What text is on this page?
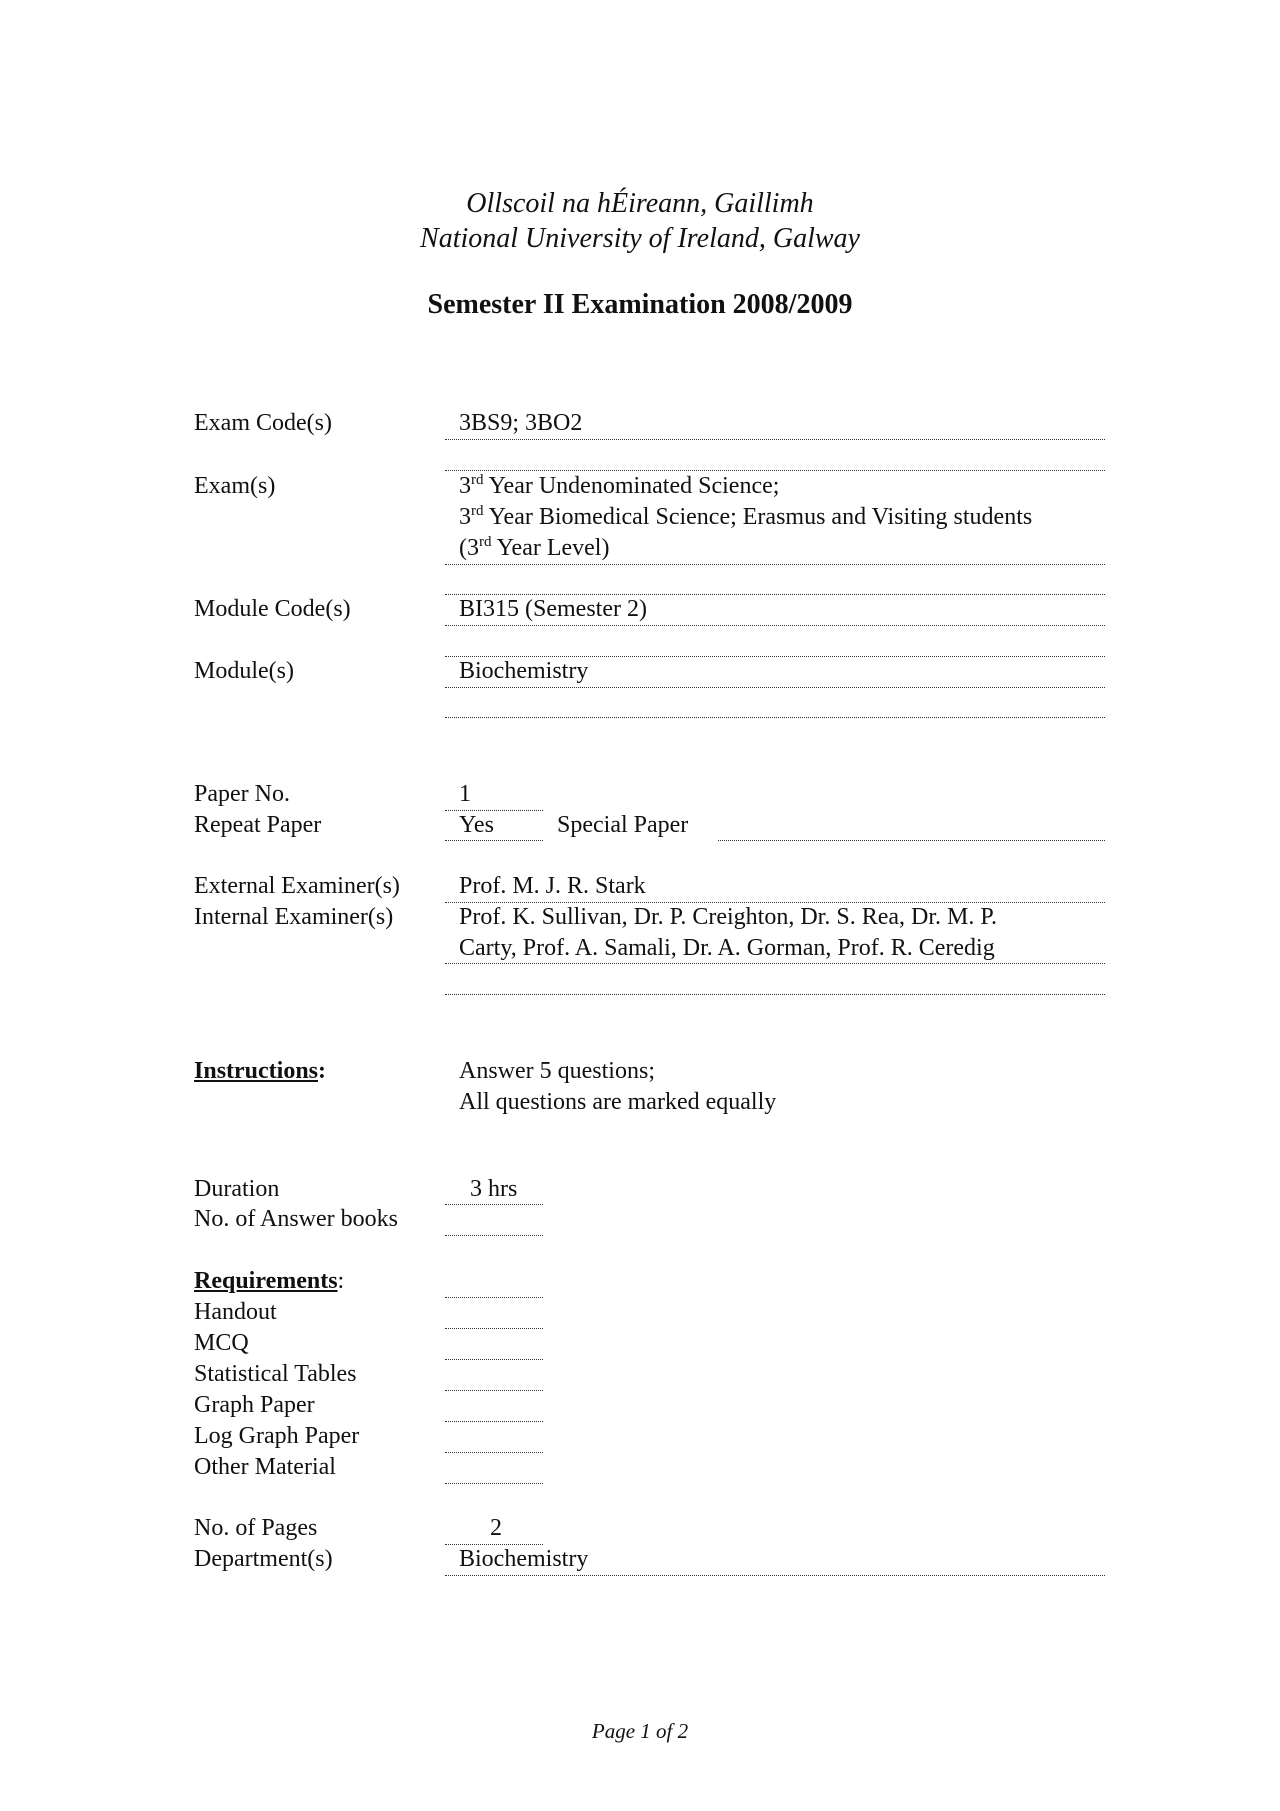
Ollscoil na hÉireann, Gaillimh
National University of Ireland, Galway
Semester II Examination 2008/2009
Exam Code(s)	3BS9; 3BO2
Exam(s)	3rd Year Undenominated Science;
3rd Year Biomedical Science; Erasmus and Visiting students
(3rd Year Level)
Module Code(s)	BI315 (Semester 2)
Module(s)	Biochemistry
Paper No.	1
Repeat Paper	Yes	Special Paper
External Examiner(s) Prof. M. J. R. Stark
Internal Examiner(s)	Prof. K. Sullivan, Dr. P. Creighton, Dr. S. Rea, Dr. M. P.
Carty, Prof. A. Samali, Dr. A. Gorman, Prof. R. Ceredig
Instructions:	Answer 5 questions;
All questions are marked equally
Duration	3 hrs
No. of Answer books
Requirements:
Handout
MCQ
Statistical Tables
Graph Paper
Log Graph Paper
Other Material
No. of Pages	2
Department(s)	Biochemistry
Page 1 of 2
